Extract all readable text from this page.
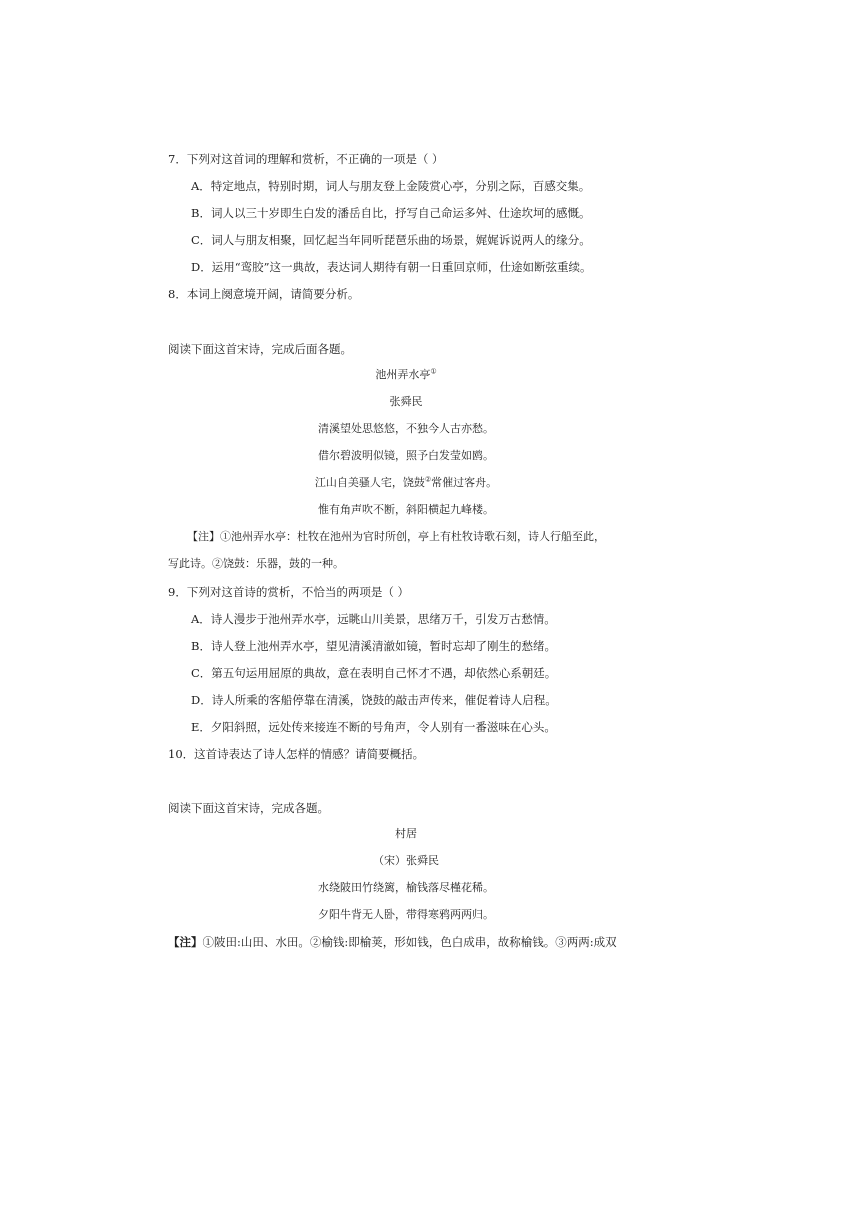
7．下列对这首词的理解和赏析，不正确的一项是（ ）
A．特定地点，特别时期，词人与朋友登上金陵赏心亭，分别之际，百感交集。
B．词人以三十岁即生白发的潘岳自比，抒写自己命运多舛、仕途坎坷的感慨。
C．词人与朋友相聚，回忆起当年同听琵琶乐曲的场景，娓娓诉说两人的缘分。
D．运用“鸾胶”这一典故，表达词人期待有朝一日重回京师，仕途如断弦重续。
8．本词上阕意境开阔，请简要分析。
阅读下面这首宋诗，完成后面各题。
池州弄水亭①
张舜民
清溪望处思悠悠，不独今人古亦愁。
借尔碧波明似镜，照予白发莹如鸥。
江山自美骚人宅，饶鼓②常催过客舟。
惟有角声吹不断，斜阳横起九峰楼。
【注】①池州弄水亭：杜牧在池州为官时所创，亭上有杜牧诗歌石刻，诗人行船至此，
写此诗。②饶鼓：乐器，鼓的一种。
9．下列对这首诗的赏析，不恰当的两项是（ ）
A．诗人漫步于池州弄水亭，远眺山川美景，思绪万千，引发万古愁情。
B．诗人登上池州弄水亭，望见清溪清澈如镜，暂时忘却了刚生的愁绪。
C．第五句运用屈原的典故，意在表明自己怀才不遇，却依然心系朝廷。
D．诗人所乘的客船停靠在清溪，饶鼓的敲击声传来，催促着诗人启程。
E．夕阳斜照，远处传来接连不断的号角声，令人别有一番滋味在心头。
10．这首诗表达了诗人怎样的情感？请简要概括。
阅读下面这首宋诗，完成各题。
村居
（宋）张舜民
水绕陂田竹绕篱，榆钱落尽槿花稀。
夕阳牛背无人卧，带得寒鸦两两归。
【注】①陂田:山田、水田。②榆钱:即榆荚，形如钱，色白成串，故称榆钱。③两两:成双
